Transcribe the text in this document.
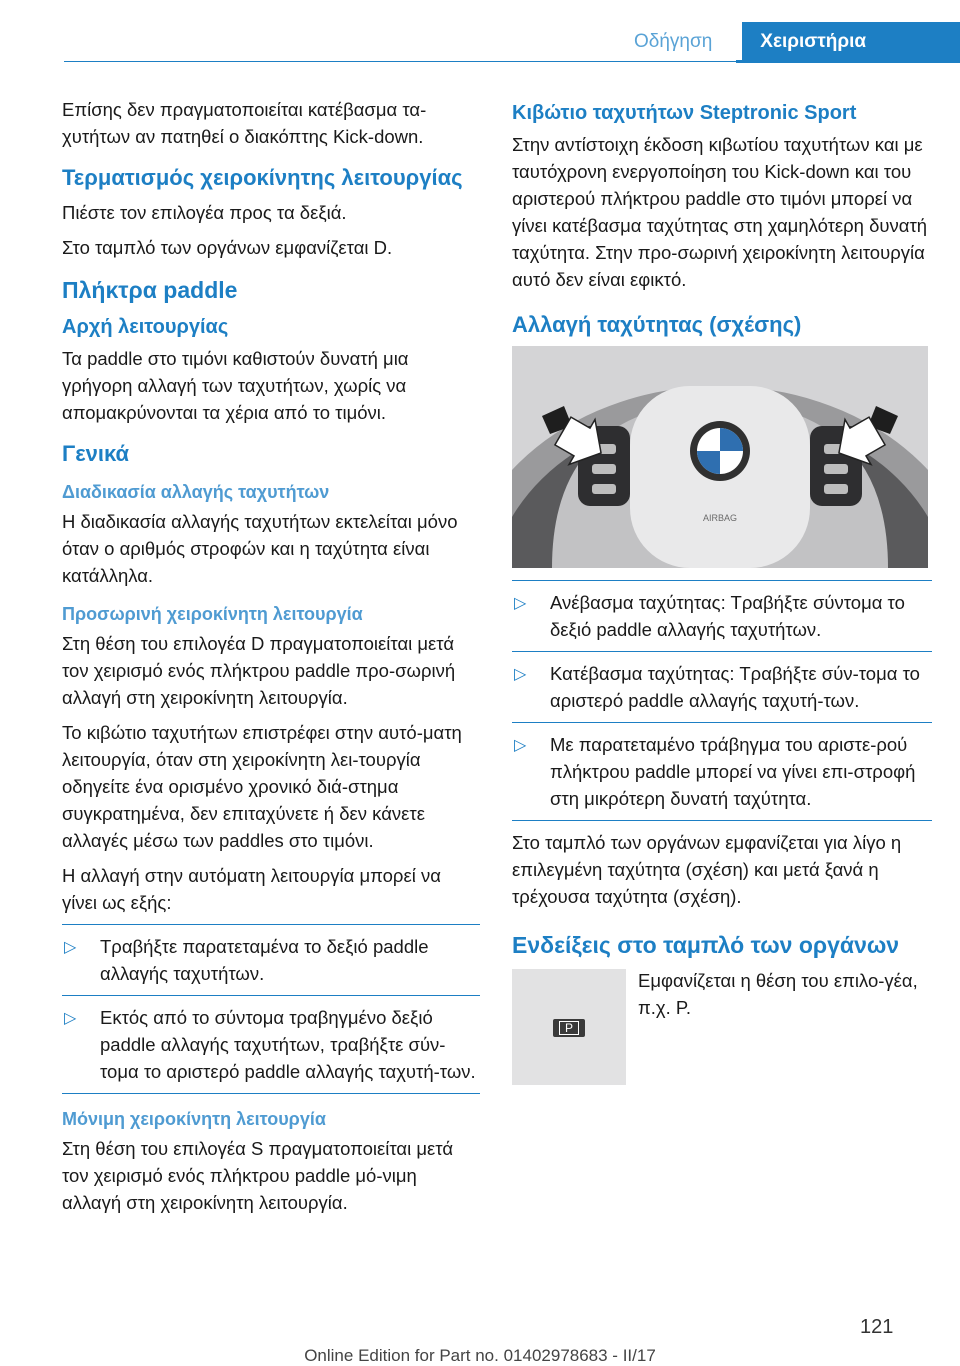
Οδήγηση	Χειριστήρια

Επίσης δεν πραγματοποιείται κατέβασμα τα‐χυτήτων αν πατηθεί ο διακόπτης Kick-down.

Τερματισμός χειροκίνητης λειτουργίας

Πιέστε τον επιλογέα προς τα δεξιά.

Στο ταμπλό των οργάνων εμφανίζεται D.

Πλήκτρα paddle
Αρχή λειτουργίας

Τα paddle στο τιμόνι καθιστούν δυνατή μια γρήγορη αλλαγή των ταχυτήτων, χωρίς να απομακρύνονται τα χέρια από το τιμόνι.

Γενικά
Διαδικασία αλλαγής ταχυτήτων

Η διαδικασία αλλαγής ταχυτήτων εκτελείται μόνο όταν ο αριθμός στροφών και η ταχύτητα είναι κατάλληλα.

Προσωρινή χειροκίνητη λειτουργία

Στη θέση του επιλογέα D πραγματοποιείται μετά τον χειρισμό ενός πλήκτρου paddle προ‐σωρινή αλλαγή στη χειροκίνητη λειτουργία.

Το κιβώτιο ταχυτήτων επιστρέφει στην αυτό‐ματη λειτουργία, όταν στη χειροκίνητη λει‐τουργία οδηγείτε ένα ορισμένο χρονικό διά‐στημα συγκρατημένα, δεν επιταχύνετε ή δεν κάνετε αλλαγές μέσω των paddles στο τιμόνι.

Η αλλαγή στην αυτόματη λειτουργία μπορεί να γίνει ως εξής:

▷ Τραβήξτε παρατεταμένα το δεξιό paddle αλλαγής ταχυτήτων.
▷ Εκτός από το σύντομα τραβηγμένο δεξιό paddle αλλαγής ταχυτήτων, τραβήξτε σύν‐τομα το αριστερό paddle αλλαγής ταχυτή‐των.
Μόνιμη χειροκίνητη λειτουργία

Στη θέση του επιλογέα S πραγματοποιείται μετά τον χειρισμό ενός πλήκτρου paddle μό‐νιμη αλλαγή στη χειροκίνητη λειτουργία.

Κιβώτιο ταχυτήτων Steptronic Sport

Στην αντίστοιχη έκδοση κιβωτίου ταχυτήτων και με ταυτόχρονη ενεργοποίηση του Kick-down και του αριστερού πλήκτρου paddle στο τιμόνι μπορεί να γίνει κατέβασμα ταχύτητας στη χαμηλότερη δυνατή ταχύτητα. Στην προ‐σωρινή χειροκίνητη λειτουργία αυτό δεν είναι εφικτό.

Αλλαγή ταχύτητας (σχέσης)
AIRBAG
▷ Ανέβασμα ταχύτητας: Τραβήξτε σύντομα το δεξιό paddle αλλαγής ταχυτήτων.
▷ Κατέβασμα ταχύτητας: Τραβήξτε σύν‐τομα το αριστερό paddle αλλαγής ταχυτή‐των.
▷ Με παρατεταμένο τράβηγμα του αριστε‐ρού πλήκτρου paddle μπορεί να γίνει επι‐στροφή στη μικρότερη δυνατή ταχύτητα.

Στο ταμπλό των οργάνων εμφανίζεται για λίγο η επιλεγμένη ταχύτητα (σχέση) και μετά ξανά η τρέχουσα ταχύτητα (σχέση).

Ενδείξεις στο ταμπλό των οργάνων
P
Εμφανίζεται η θέση του επιλο‐γέα, π.χ. P.
121
Online Edition for Part no. 01402978683 - II/17
